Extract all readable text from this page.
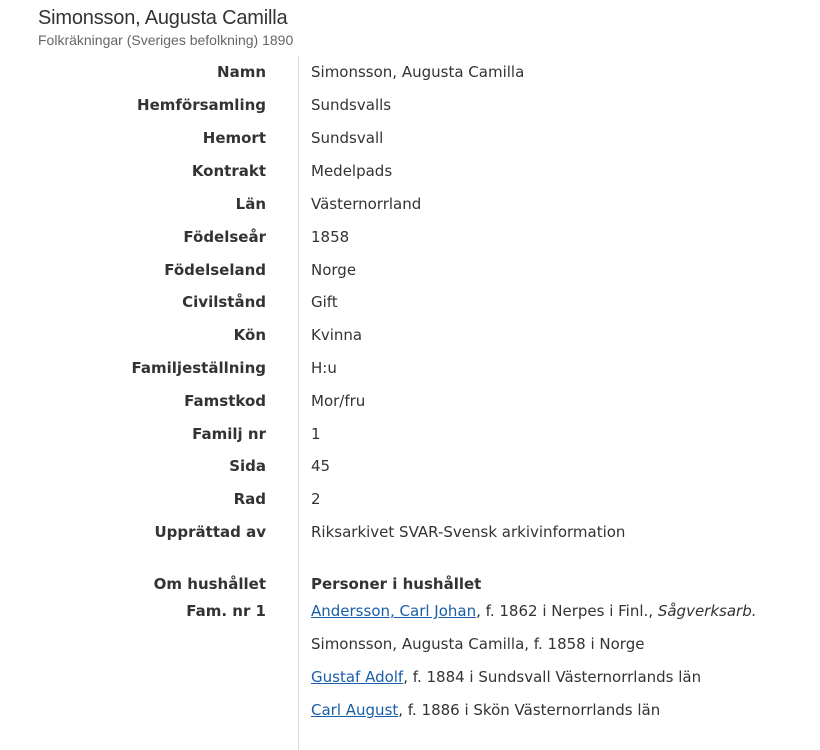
Simonsson, Augusta Camilla
Folkräkningar (Sveriges befolkning) 1890
Namn	Simonsson, Augusta Camilla
Hemförsamling	Sundsvalls
Hemort	Sundsvall
Kontrakt	Medelpads
Län	Västernorrland
Födelseår	1858
Födelseland	Norge
Civilstånd	Gift
Kön	Kvinna
Familjeställning	H:u
Famstkod	Mor/fru
Familj nr	1
Sida	45
Rad	2
Upprättad av	Riksarkivet SVAR-Svensk arkivinformation
Om hushållet	Personer i hushållet
Fam. nr 1	Andersson, Carl Johan, f. 1862 i Nerpes i Finl., Sågverksarb.
Simonsson, Augusta Camilla, f. 1858 i Norge
Gustaf Adolf, f. 1884 i Sundsvall Västernorrlands län
Carl August, f. 1886 i Skön Västernorrlands län
